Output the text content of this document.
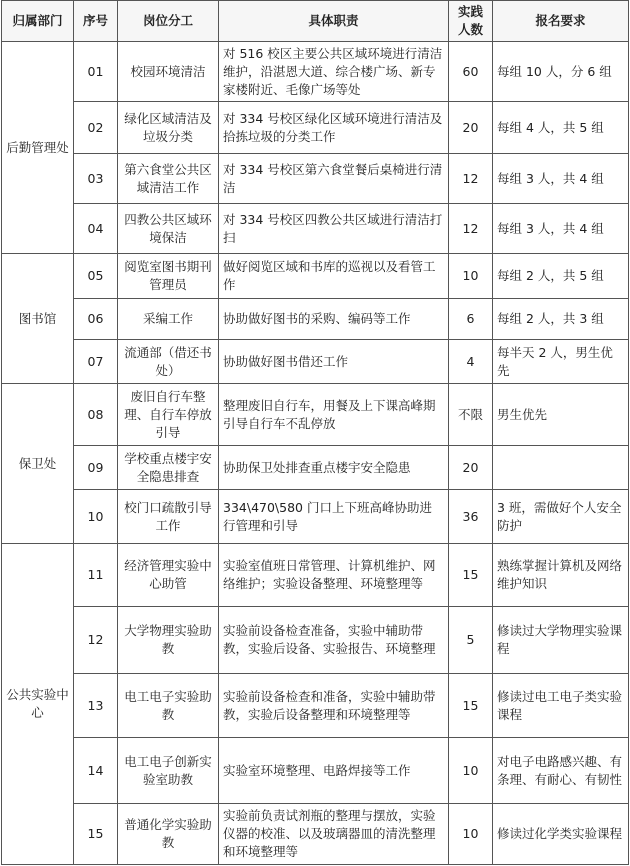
归属部门	序号	岗位分工	具体职责	实践人数	报名要求
后勤管理处	01	校园环境清洁	对 516 校区主要公共区域环境进行清洁维护，沿湛恩大道、综合楼广场、新专家楼附近、毛像广场等处	60	每组 10 人，分 6 组
	02	绿化区域清洁及垃圾分类	对 334 号校区绿化区域环境进行清洁及拾拣垃圾的分类工作	20	每组 4 人，共 5 组
	03	第六食堂公共区域清洁工作	对 334 号校区第六食堂餐后桌椅进行清洁	12	每组 3 人，共 4 组
	04	四教公共区域环境保洁	对 334 号校区四教公共区域进行清洁打扫	12	每组 3 人，共 4 组
图书馆	05	阅览室图书期刊管理员	做好阅览区域和书库的巡视以及看管工作	10	每组 2 人，共 5 组
	06	采编工作	协助做好图书的采购、编码等工作	6	每组 2 人，共 3 组
	07	流通部（借还书处）	协助做好图书借还工作	4	每半天 2 人，男生优先
保卫处	08	废旧自行车整理、自行车停放引导	整理废旧自行车，用餐及上下课高峰期引导自行车不乱停放	不限	男生优先
	09	学校重点楼宇安全隐患排查	协助保卫处排查重点楼宇安全隐患	20	
	10	校门口疏散引导工作	334\470\580 门口上下班高峰协助进行管理和引导	36	3 班，需做好个人安全防护
公共实验中心	11	经济管理实验中心助管	实验室值班日常管理、计算机维护、网络维护；实验设备整理、环境整理等	15	熟练掌握计算机及网络维护知识
	12	大学物理实验助教	实验前设备检查准备，实验中辅助带教，实验后设备、实验报告、环境整理	5	修读过大学物理实验课程
	13	电工电子实验助教	实验前设备检查和准备，实验中辅助带教，实验后设备整理和环境整理等	15	修读过电工电子类实验课程
	14	电工电子创新实验室助教	实验室环境整理、电路焊接等工作	10	对电子电路感兴趣、有条理、有耐心、有韧性
	15	普通化学实验助教	实验前负责试剂瓶的整理与摆放，实验仪器的校准、以及玻璃器皿的清洗整理和环境整理等	10	修读过化学类实验课程
